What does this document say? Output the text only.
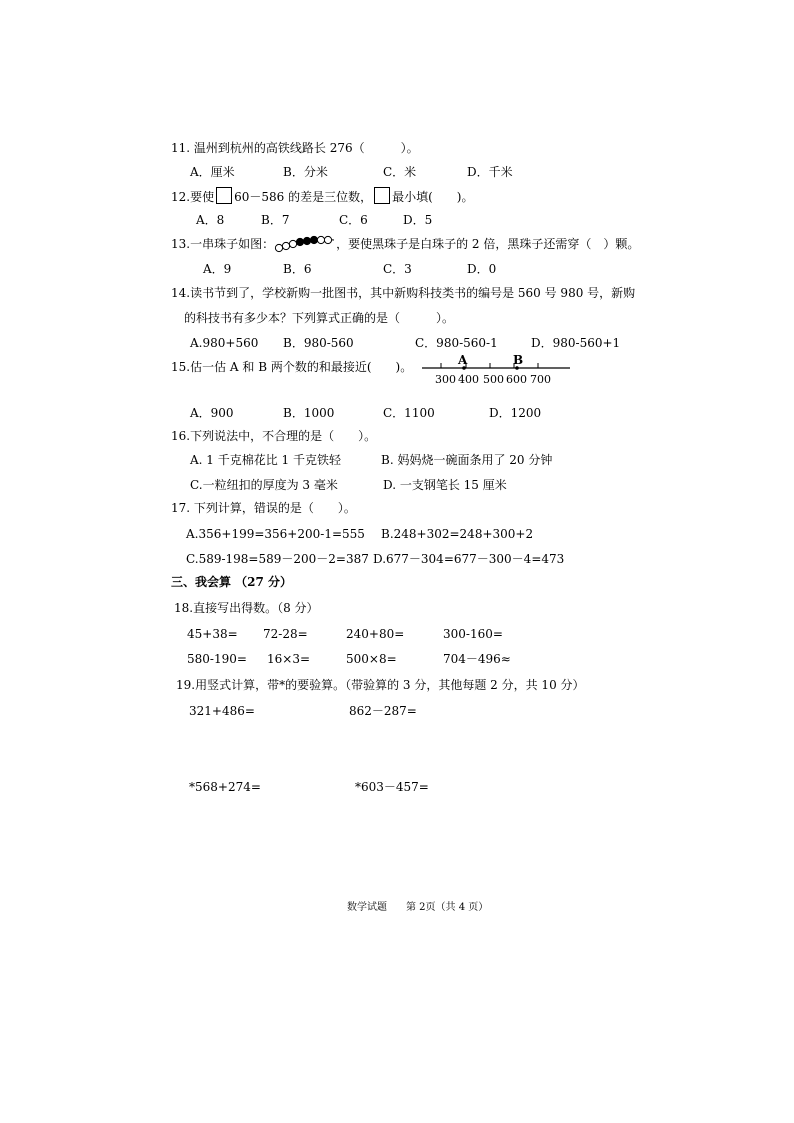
11. 温州到杭州的高铁线路长 276（　　　）。
A．厘米	B．分米	C．米	D．千米
12.要使 60－586 的差是三位数， 最小填(　　)。
A．8	B．7	C．6	D．5
13.一串珠子如图：	，要使黑珠子是白珠子的 2 倍，黑珠子还需穿（　）颗。
A．9	B．6	C．3	D．0
14.读书节到了，学校新购一批图书，其中新购科技类书的编号是 560 号 980 号，新购
的科技书有多少本？下列算式正确的是（　　　）。
A.980+560 B．980-560	C．980-560-1	D．980-560+1
15.估一估 A 和 B 两个数的和最接近(　　)。	A	B
300 400 500 600 700
A．900	B．1000	C．1100	D．1200
16.下列说法中，不合理的是（　　）。
A. 1 千克棉花比 1 千克铁轻	B. 妈妈烧一碗面条用了 20 分钟
C.一粒纽扣的厚度为 3 毫米	D. 一支钢笔长 15 厘米
17. 下列计算，错误的是（　　）。
A.356+199=356+200-1=555 B.248+302=248+300+2
C.589-198=589－200－2=387 D.677－304=677－300－4=473
三、我会算 （27 分）
18.直接写出得数。（8 分）
45+38= 72-28=	240+80=	300-160=
580-190= 16×3=	500×8=	704－496≈
19.用竖式计算，带*的要验算。（带验算的 3 分，其他每题 2 分，共 10 分）
321+486=	862－287=
*568+274=	*603－457=
数学试题 第 2页（共 4 页）
